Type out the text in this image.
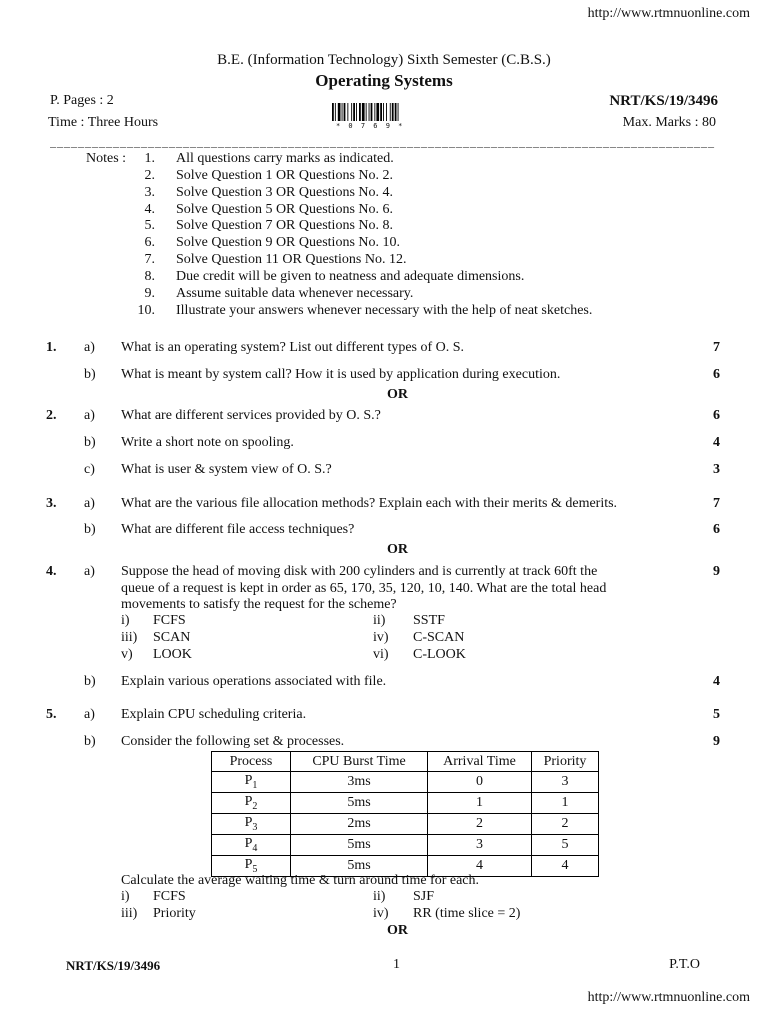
http://www.rtmnuonline.com
B.E. (Information Technology) Sixth Semester (C.B.S.)
Operating Systems
P. Pages : 2	NRT/KS/19/3496
Time : Three Hours	Max. Marks : 80
* 0 7 6 9 *
_______________________________________________________________________________________________
Notes :	1. All questions carry marks as indicated.
2. Solve Question 1 OR Questions No. 2.
3. Solve Question 3 OR Questions No. 4.
4. Solve Question 5 OR Questions No. 6.
5. Solve Question 7 OR Questions No. 8.
6. Solve Question 9 OR Questions No. 10.
7. Solve Question 11 OR Questions No. 12.
8. Due credit will be given to neatness and adequate dimensions.
9. Assume suitable data whenever necessary.
10. Illustrate your answers whenever necessary with the help of neat sketches.
1. a) What is an operating system? List out different types of O. S.	7
b) What is meant by system call? How it is used by application during execution.	6
OR
2. a) What are different services provided by O. S.?	6
b) Write a short note on spooling.	4
c) What is user & system view of O. S.?	3
3. a) What are the various file allocation methods? Explain each with their merits & demerits.	7
b) What are different file access techniques?	6
OR
4. a) Suppose the head of moving disk with 200 cylinders and is currently at track 60ft the
queue of a request is kept in order as 65, 170, 35, 120, 10, 140. What are the total head
movements to satisfy the request for the scheme?
9
i) FCFS	ii) SSTF
iii) SCAN	iv) C-SCAN
v) LOOK	vi) C-LOOK
b) Explain various operations associated with file.	4
5. a) Explain CPU scheduling criteria.	5
b) Consider the following set & processes.	9
Process	CPU Burst Time	Arrival Time	Priority
$P_1$	3ms	0	3
$P_2$	5ms	1	1
$P_3$	2ms	2	2
$P_4$	5ms	3	5
$P_5$	5ms	4	4
Calculate the average waiting time & turn around time for each.
i) FCFS	ii) SJF
iii) Priority	iv) RR (time slice = 2)
OR
NRT/KS/19/3496	1	P.T.O
http://www.rtmnuonline.com
